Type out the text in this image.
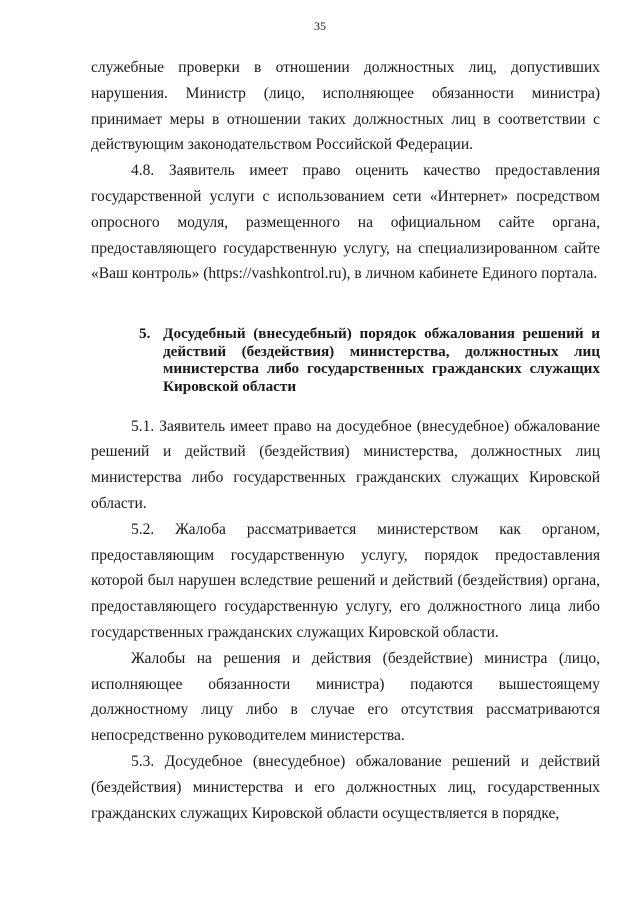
35

служебные проверки в отношении должностных лиц, допустивших нарушения. Министр (лицо, исполняющее обязанности министра) принимает меры в отношении таких должностных лиц в соответствии с действующим законодательством Российской Федерации.

4.8. Заявитель имеет право оценить качество предоставления государственной услуги с использованием сети «Интернет» посредством опросного модуля, размещенного на официальном сайте органа, предоставляющего государственную услугу, на специализированном сайте «Ваш контроль» (https://vashkontrol.ru), в личном кабинете Единого портала.

5. Досудебный (внесудебный) порядок обжалования решений и действий (бездействия) министерства, должностных лиц министерства либо государственных гражданских служащих Кировской области

5.1. Заявитель имеет право на досудебное (внесудебное) обжалование решений и действий (бездействия) министерства, должностных лиц министерства либо государственных гражданских служащих Кировской области.

5.2. Жалоба рассматривается министерством как органом, предоставляющим государственную услугу, порядок предоставления которой был нарушен вследствие решений и действий (бездействия) органа, предоставляющего государственную услугу, его должностного лица либо государственных гражданских служащих Кировской области.

Жалобы на решения и действия (бездействие) министра (лицо, исполняющее обязанности министра) подаются вышестоящему должностному лицу либо в случае его отсутствия рассматриваются непосредственно руководителем министерства.

5.3. Досудебное (внесудебное) обжалование решений и действий (бездействия) министерства и его должностных лиц, государственных гражданских служащих Кировской области осуществляется в порядке,
